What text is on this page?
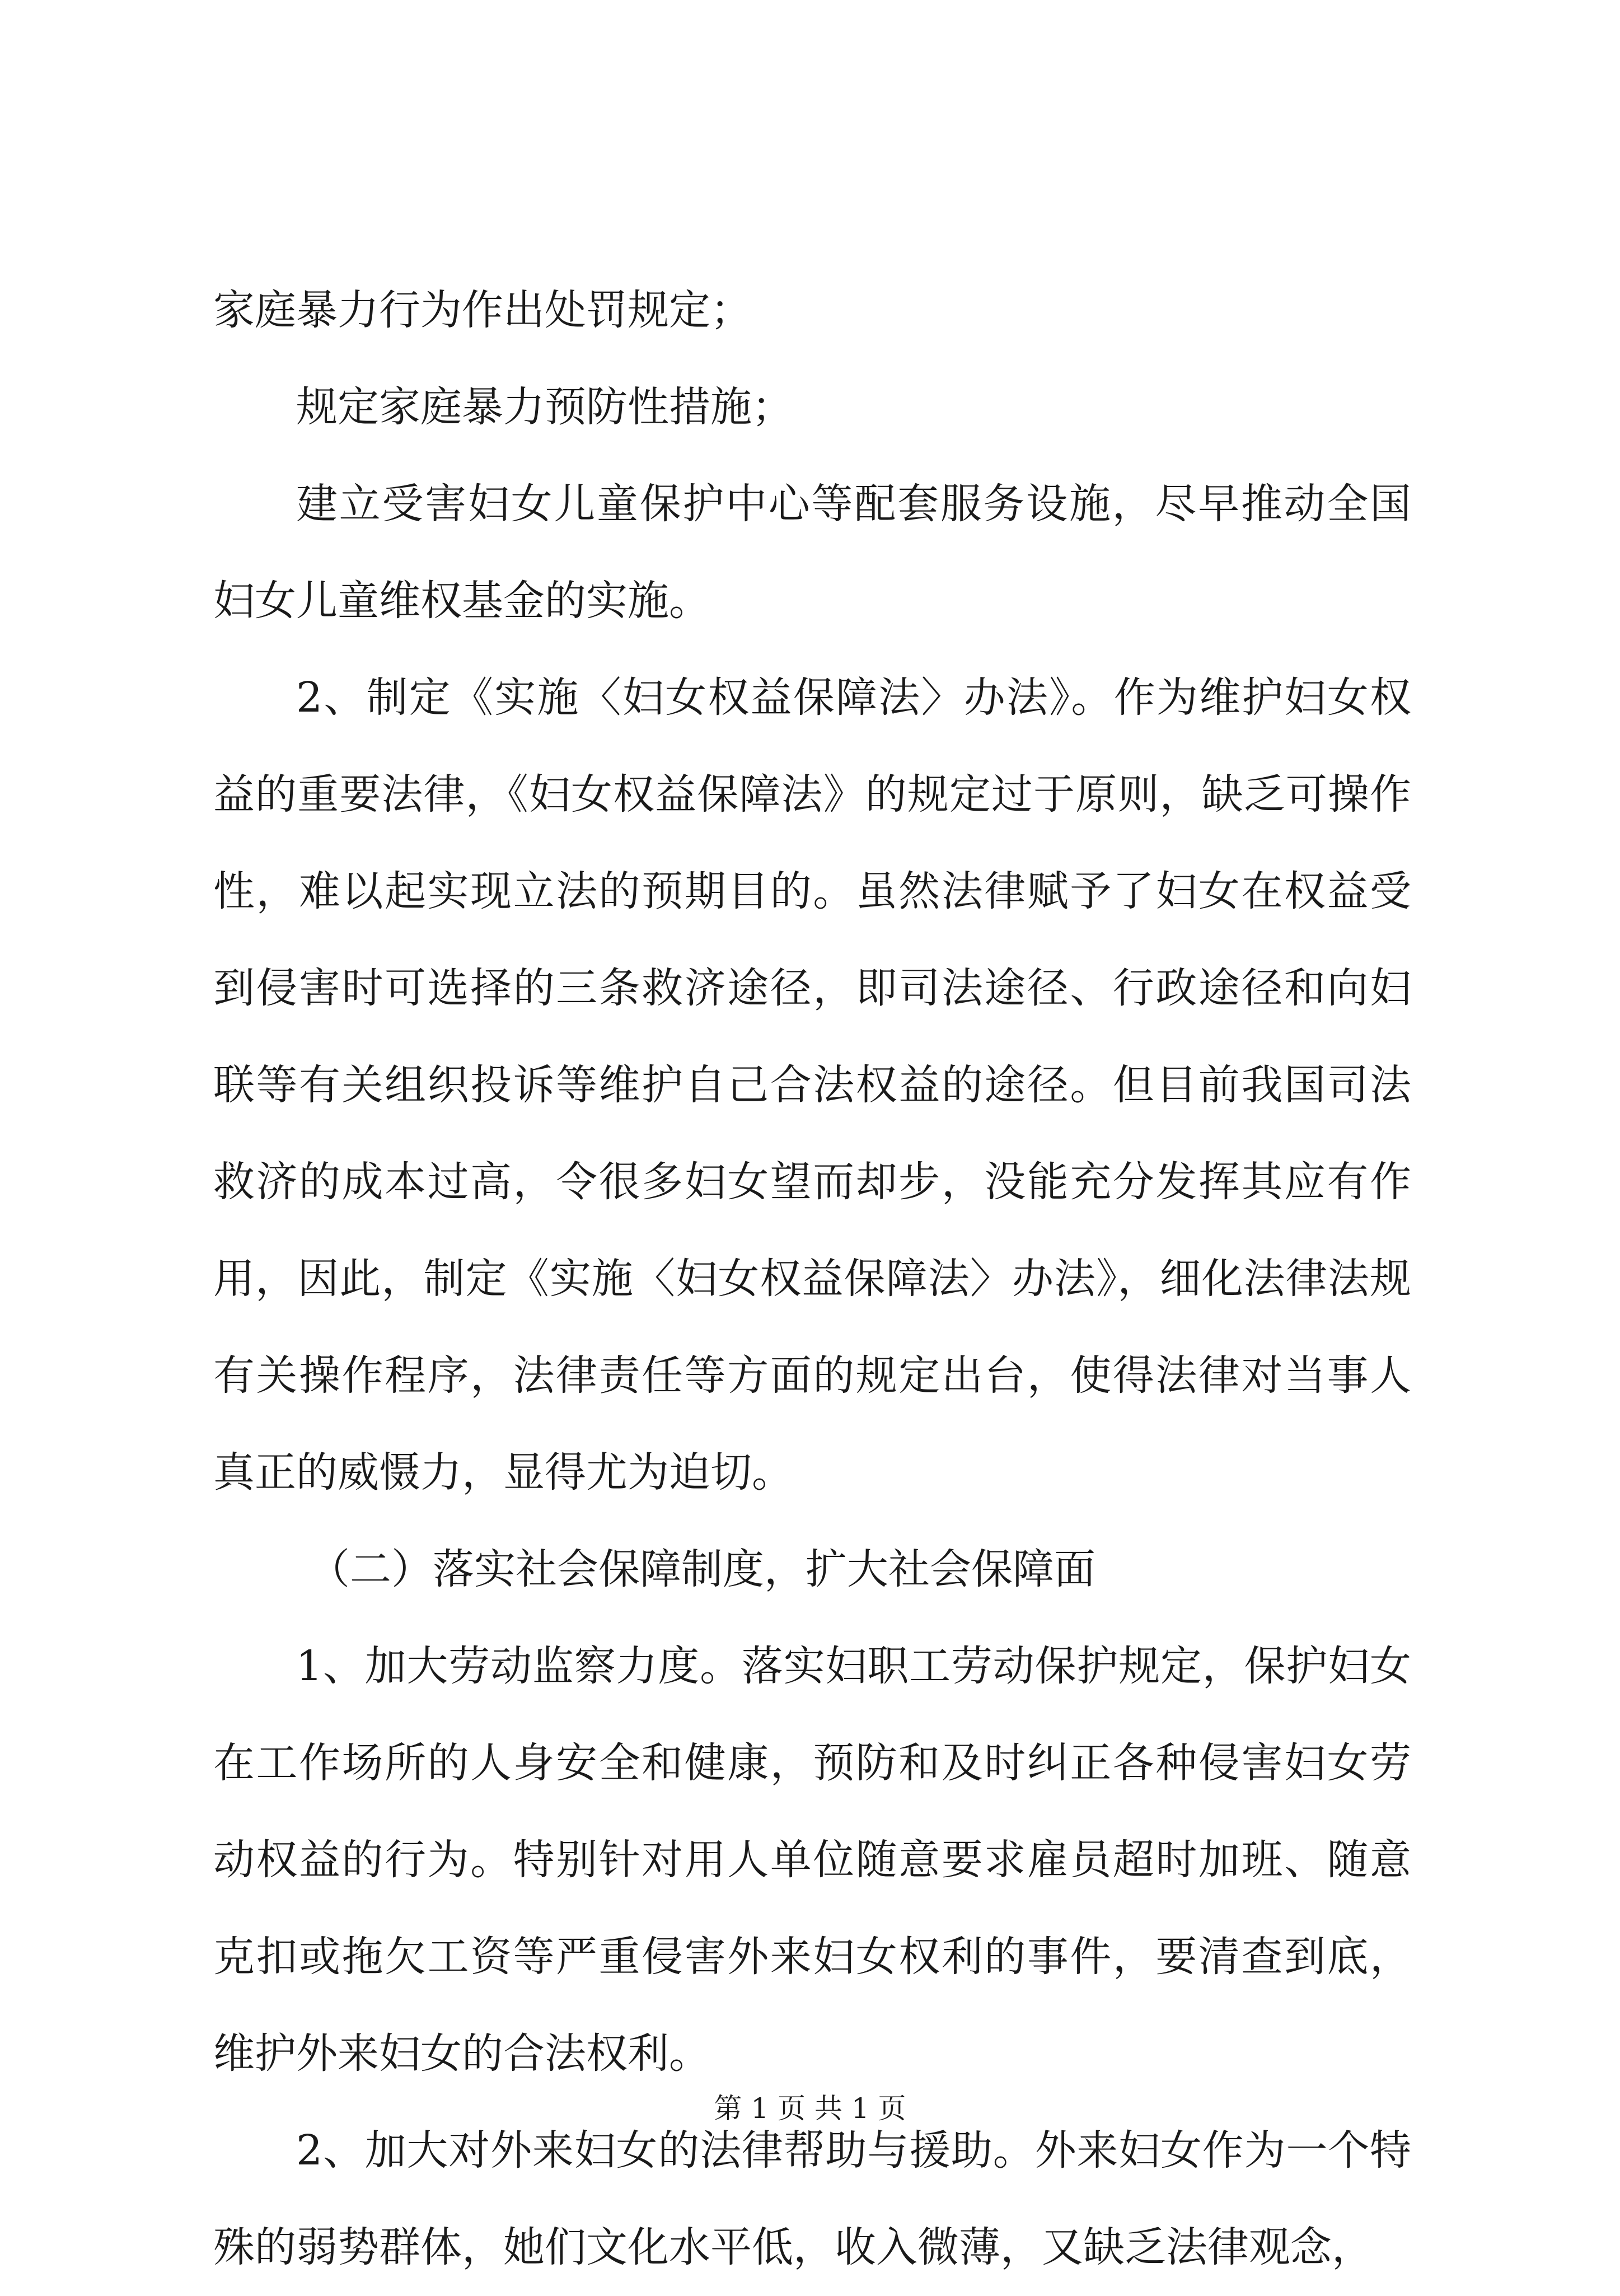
家庭暴力行为作出处罚规定；

规定家庭暴力预防性措施；

建立受害妇女儿童保护中心等配套服务设施，尽早推动全国妇女儿童维权基金的实施。

2、制定《实施〈妇女权益保障法〉办法》。作为维护妇女权益的重要法律，《妇女权益保障法》的规定过于原则，缺乏可操作性，难以起实现立法的预期目的。虽然法律赋予了妇女在权益受到侵害时可选择的三条救济途径，即司法途径、行政途径和向妇联等有关组织投诉等维护自己合法权益的途径。但目前我国司法救济的成本过高，令很多妇女望而却步，没能充分发挥其应有作用，因此，制定《实施〈妇女权益保障法〉办法》，细化法律法规有关操作程序，法律责任等方面的规定出台，使得法律对当事人真正的威慑力，显得尤为迫切。

（二）落实社会保障制度，扩大社会保障面

1、加大劳动监察力度。落实妇职工劳动保护规定，保护妇女在工作场所的人身安全和健康，预防和及时纠正各种侵害妇女劳动权益的行为。特别针对用人单位随意要求雇员超时加班、随意克扣或拖欠工资等严重侵害外来妇女权利的事件，要清查到底，维护外来妇女的合法权利。

2、加大对外来妇女的法律帮助与援助。外来妇女作为一个特殊的弱势群体，她们文化水平低，收入微薄，又缺乏法律观念，

第 1 页 共 1 页
